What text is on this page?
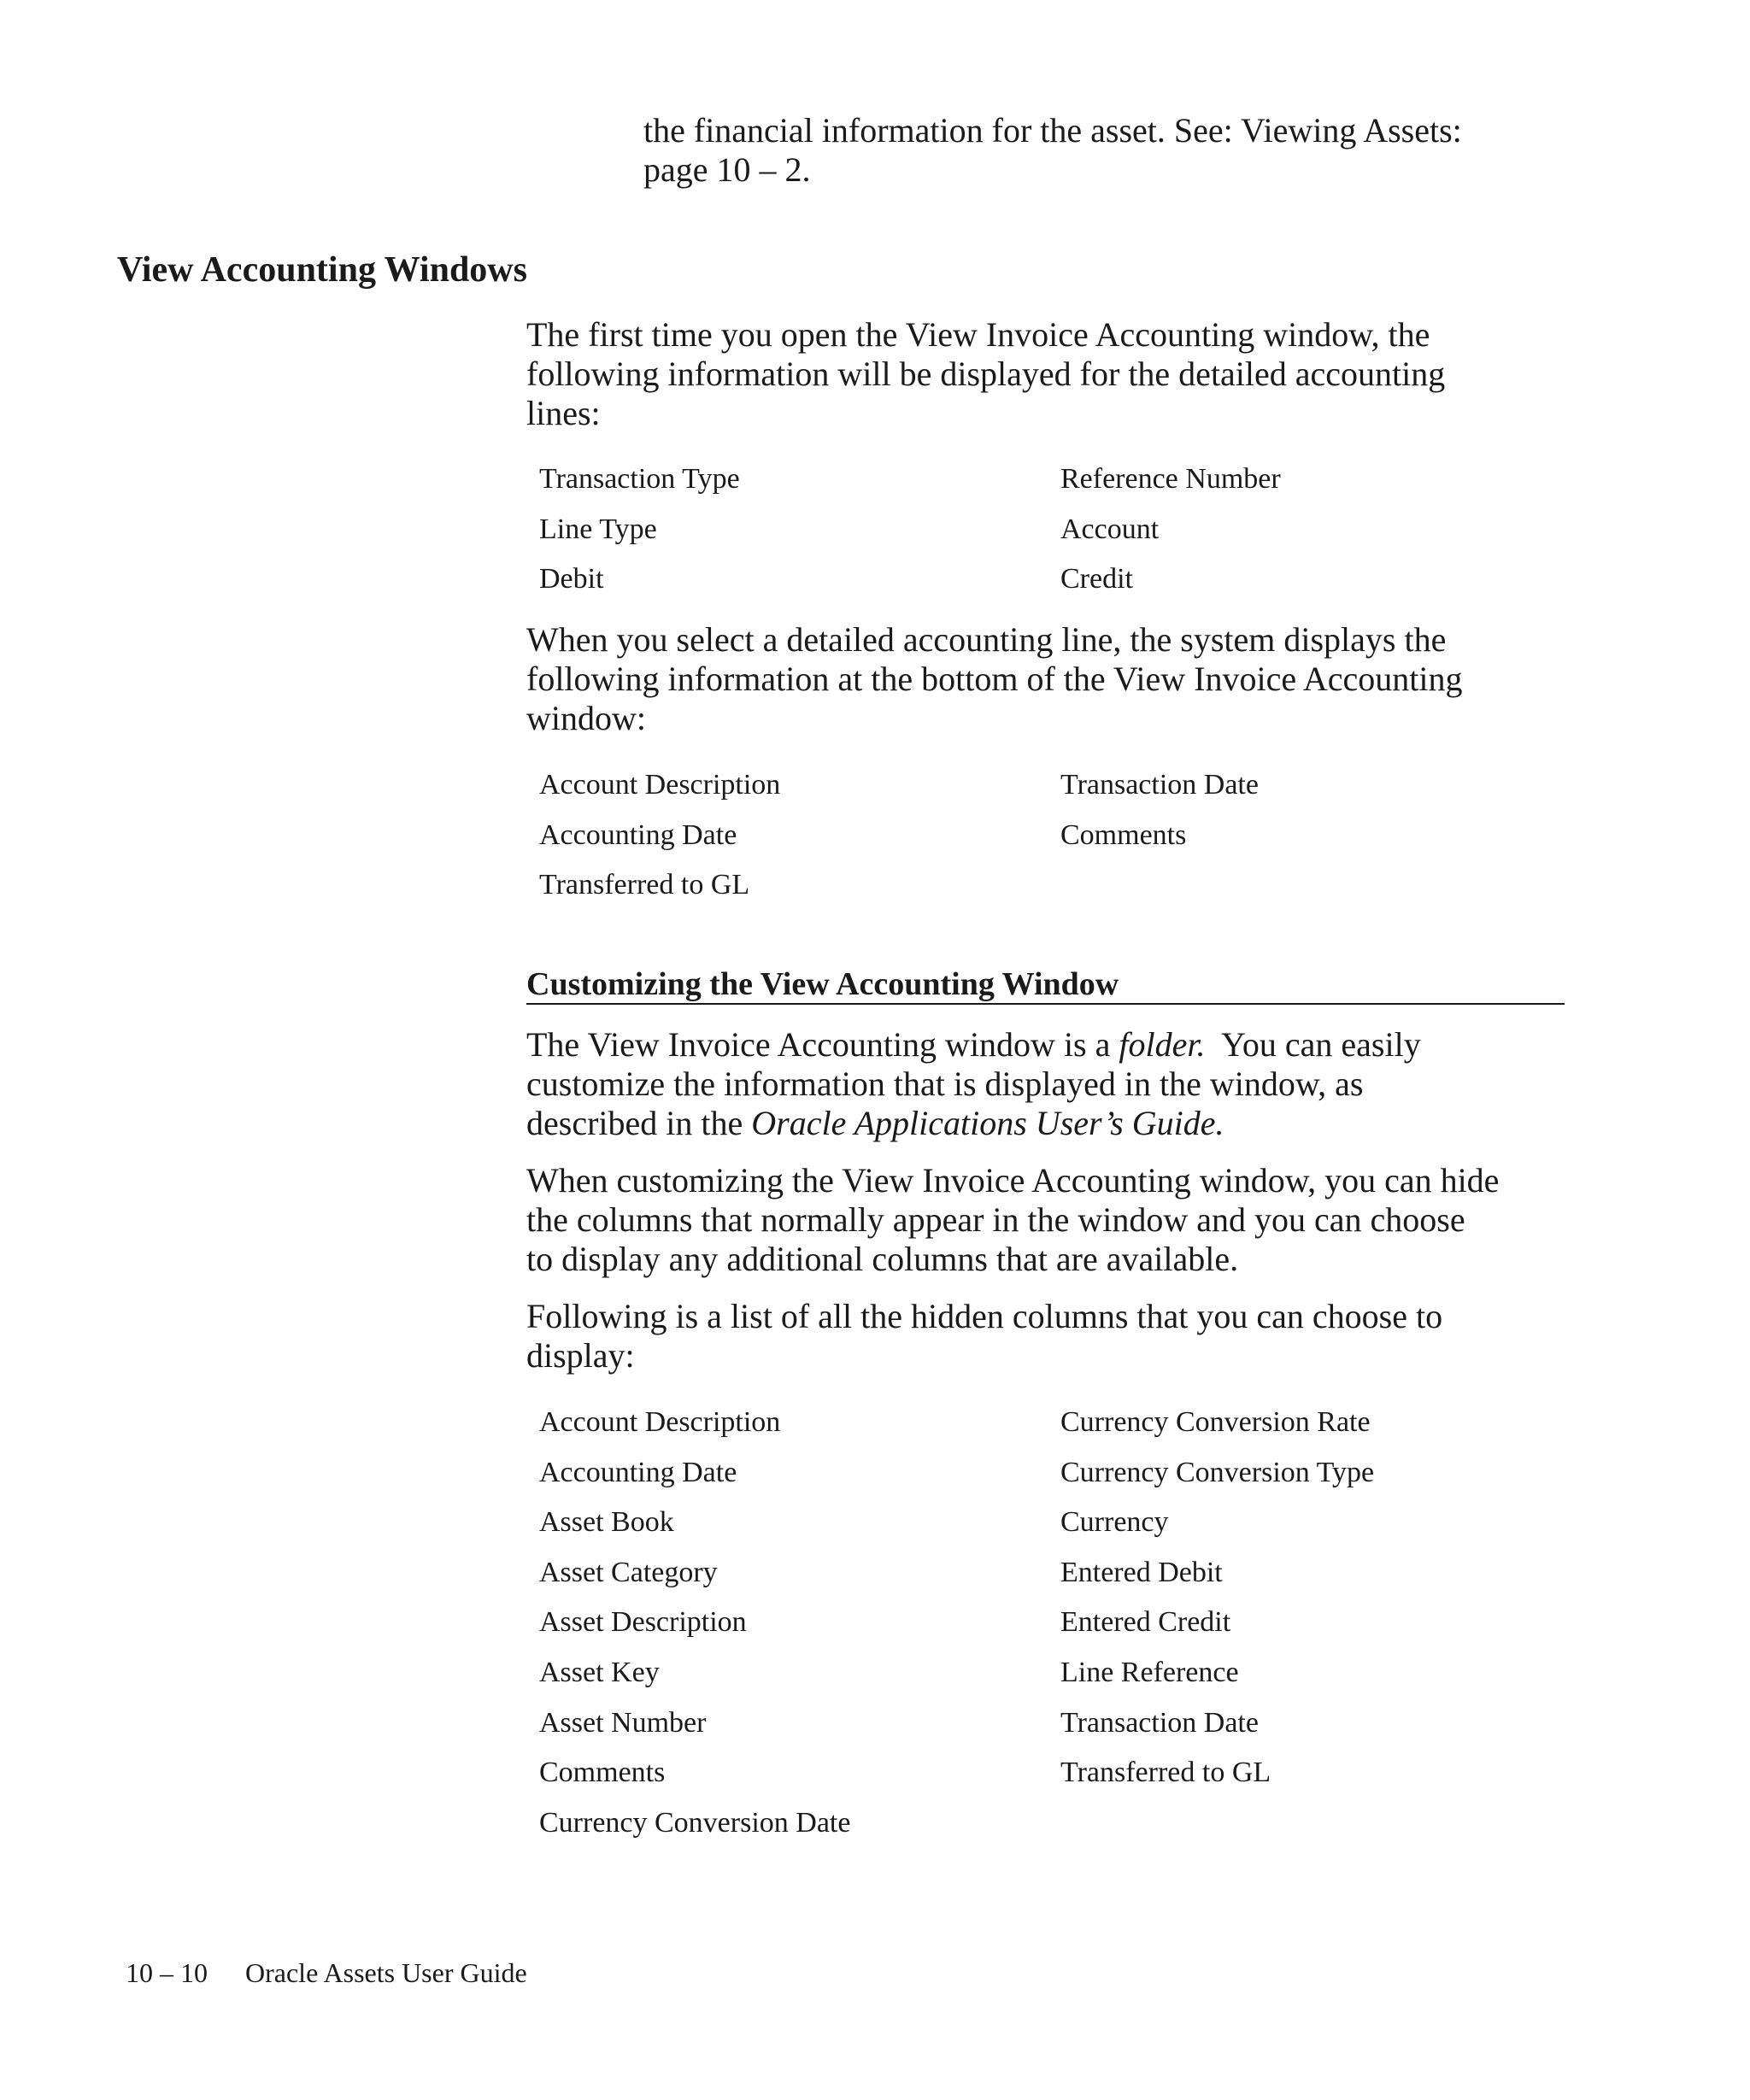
the financial information for the asset. See: Viewing Assets:
page 10 – 2.
View Accounting Windows
The first time you open the View Invoice Accounting window, the
following information will be displayed for the detailed accounting
lines:
Transaction Type	Reference Number
Line Type	Account
Debit	Credit
When you select a detailed accounting line, the system displays the
following information at the bottom of the View Invoice Accounting
window:
Account Description	Transaction Date
Accounting Date	Comments
Transferred to GL
Customizing the View Accounting Window
The View Invoice Accounting window is a folder.  You can easily
customize the information that is displayed in the window, as
described in the Oracle Applications User’s Guide.
When customizing the View Invoice Accounting window, you can hide
the columns that normally appear in the window and you can choose
to display any additional columns that are available.
Following is a list of all the hidden columns that you can choose to
display:
Account Description	Currency Conversion Rate
Accounting Date	Currency Conversion Type
Asset Book	Currency
Asset Category	Entered Debit
Asset Description	Entered Credit
Asset Key	Line Reference
Asset Number	Transaction Date
Comments	Transferred to GL
Currency Conversion Date
10 – 10 Oracle Assets User Guide
